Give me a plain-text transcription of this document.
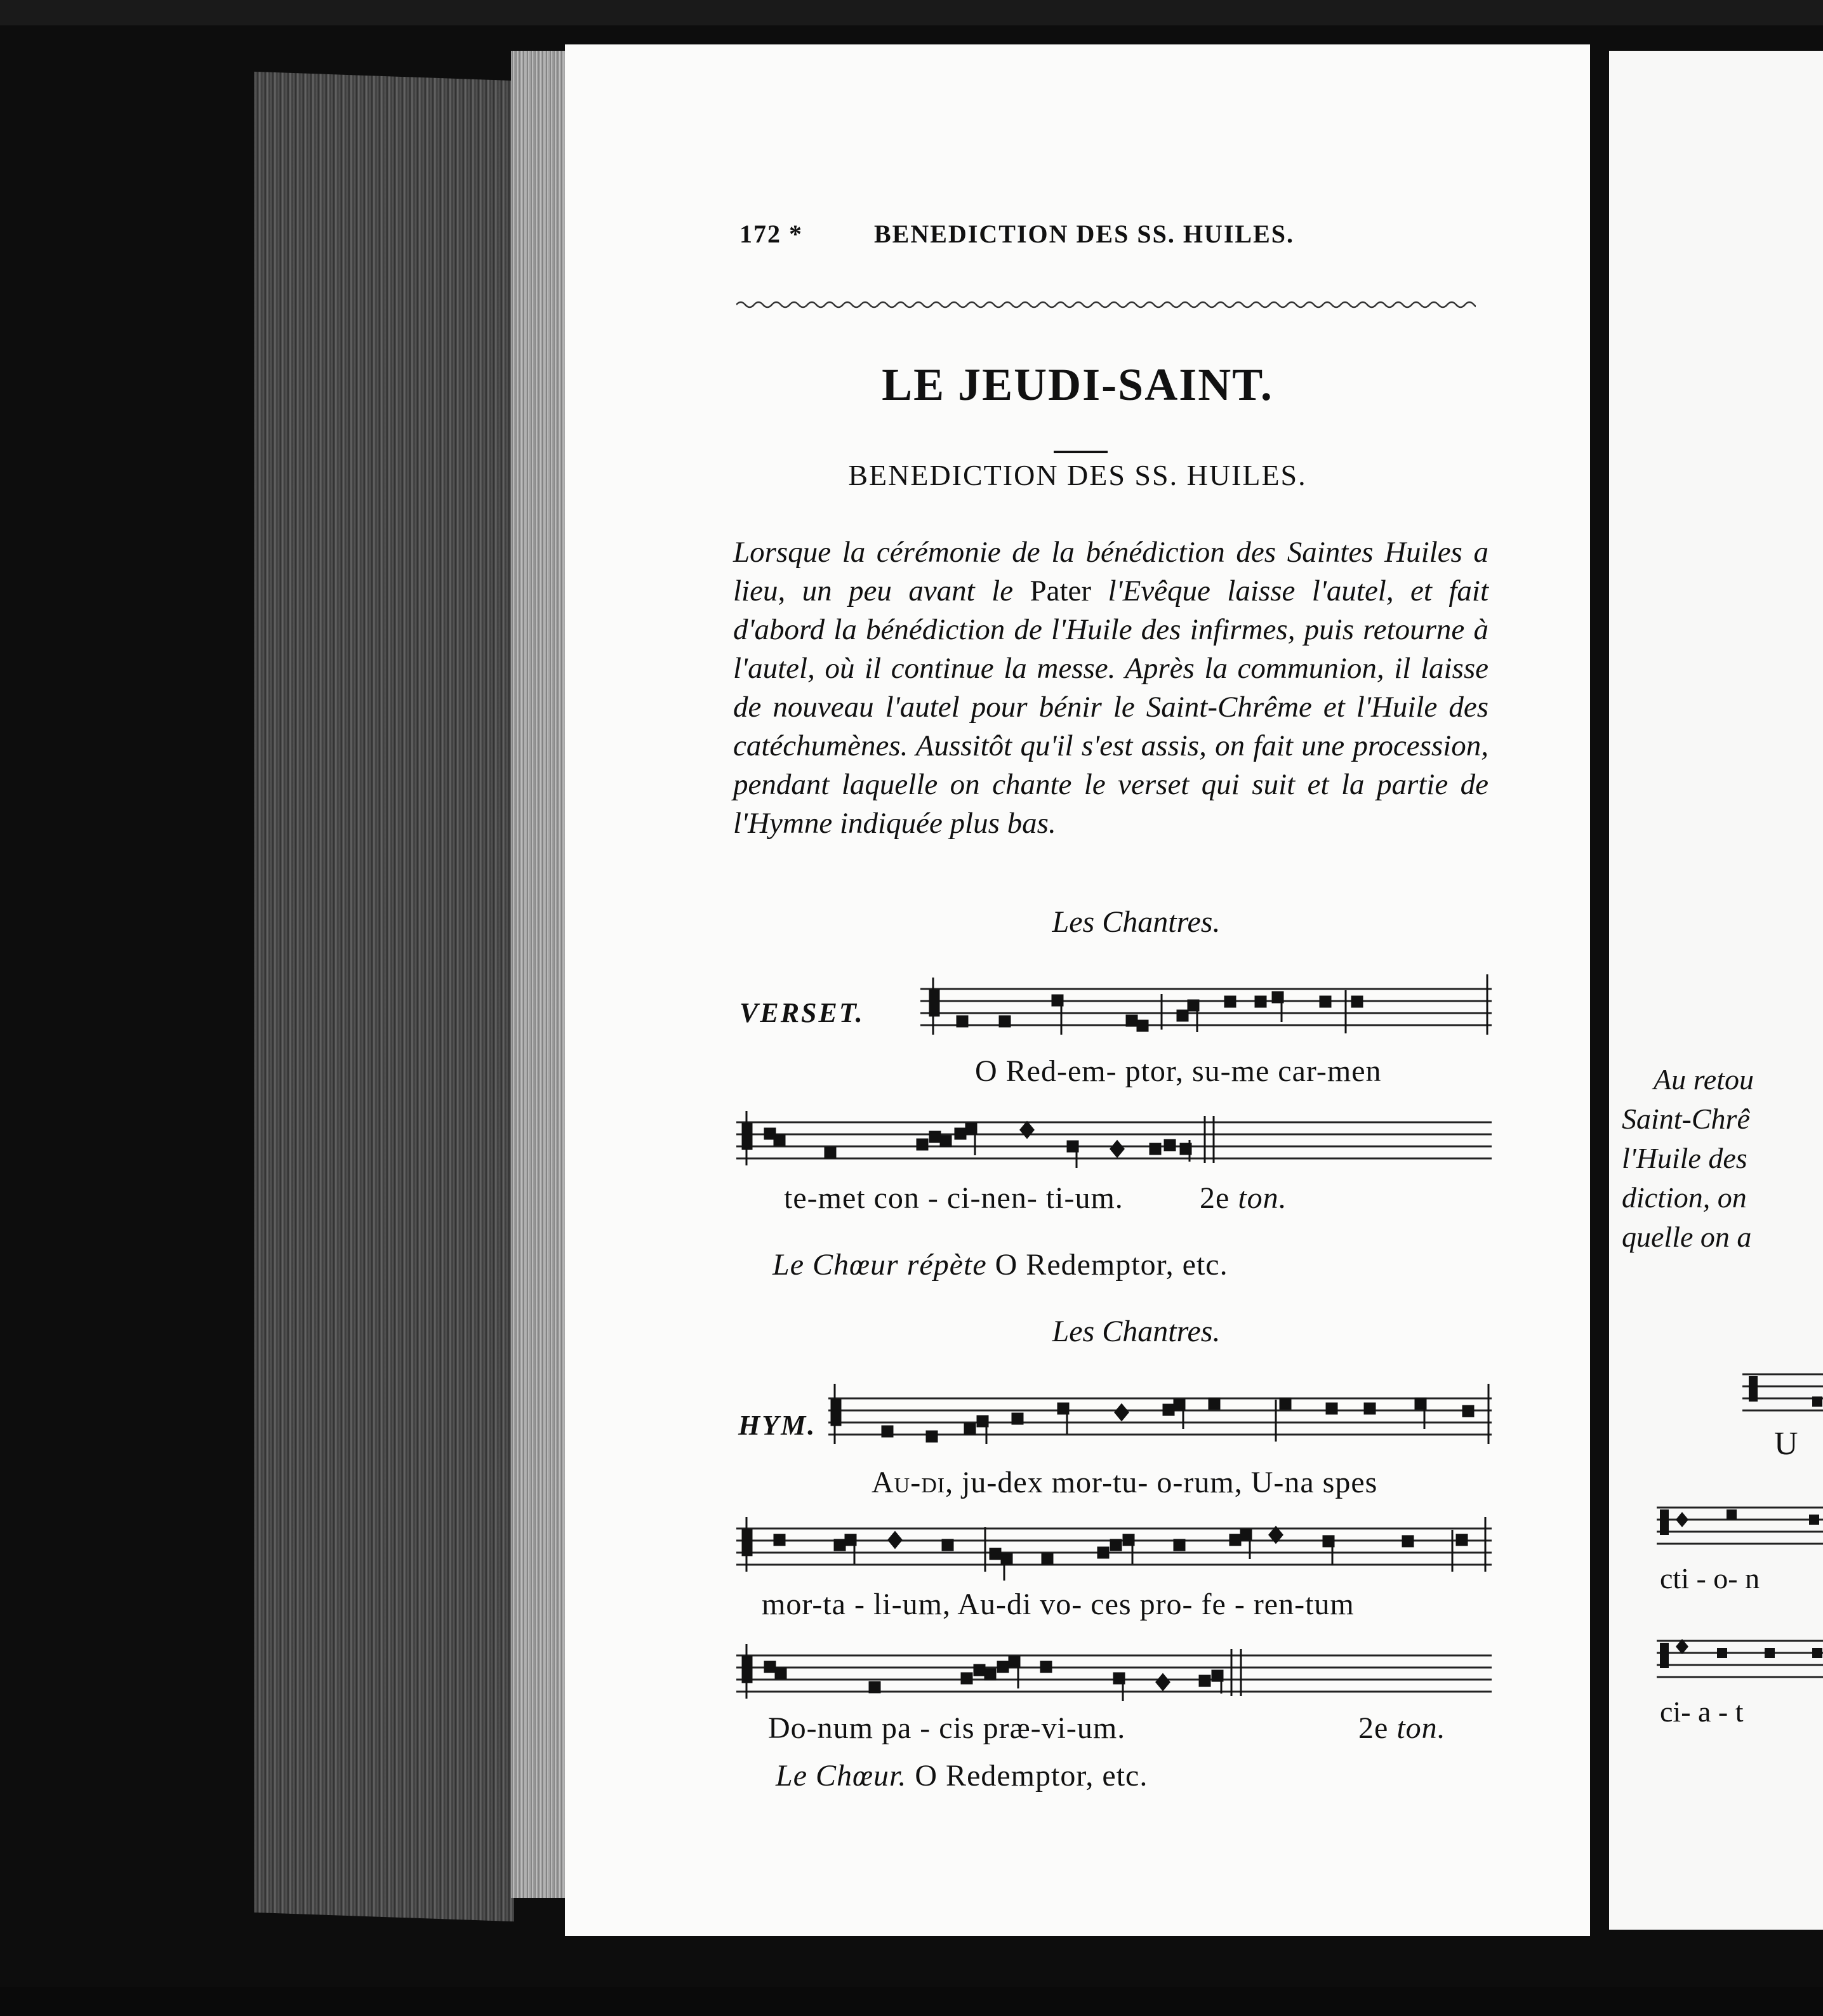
172 *	BENEDICTION DES SS. HUILES.
LE JEUDI-SAINT.
BENEDICTION DES SS. HUILES.
Lorsque la cérémonie de la bénédiction des Saintes Huiles a lieu, un peu avant le Pater l'Evêque laisse l'autel, et fait d'abord la bénédiction de l'Huile des infirmes, puis retourne à l'autel, où il continue la messe. Après la communion, il laisse de nouveau l'autel pour bénir le Saint-Chrême et l'Huile des catéchumènes. Aussitôt qu'il s'est assis, on fait une procession, pendant laquelle on chante le verset qui suit et la partie de l'Hymne indiquée plus bas.
Les Chantres.
VERSET.
O Red-em- ptor, su-me car-men
te-met con - ci-nen- ti-um.	2e ton.
Le Chœur répète O Redemptor, etc.
Les Chantres.
HYM.
Au-di, ju-dex mor-tu- o-rum, U-na spes
mor-ta - li-um, Au-di vo- ces pro- fe - ren-tum
Do-num pa - cis præ-vi-um.	2e ton.
Le Chœur. O Redemptor, etc.
Au retou
Saint-Chrê
l'Huile des
diction, on
quelle on a
U
cti - o- n
ci- a - t
